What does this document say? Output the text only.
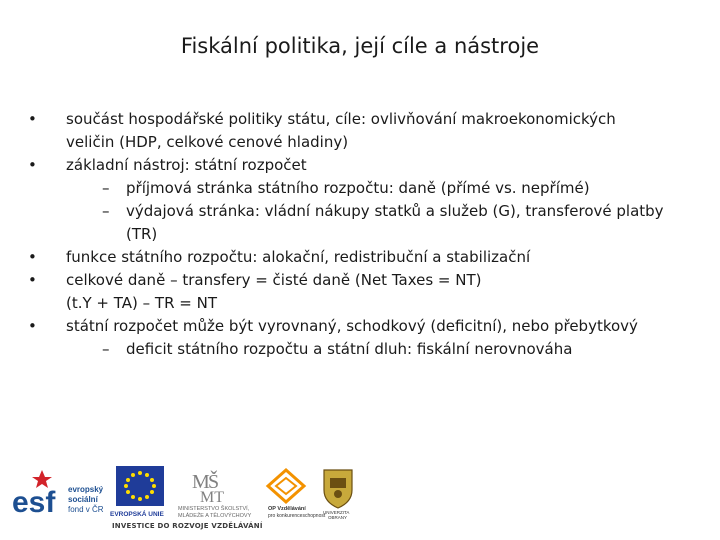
Fiskální politika, její cíle a nástroje
• součást hospodářské politiky státu, cíle: ovlivňování makroekonomických
veličin (HDP, celkové cenové hladiny)
• základní nástroj: státní rozpočet
– příjmová stránka státního rozpočtu: daně (přímé vs. nepřímé)
– výdajová stránka: vládní nákupy statků a služeb (G), transferové platby
(TR)
• funkce státního rozpočtu: alokační, redistribuční a stabilizační
• celkové daně – transfery = čisté daně (Net Taxes = NT)
(t.Y + TA) – TR = NT
• státní rozpočet může být vyrovnaný, schodkový (deficitní), nebo přebytkový
– deficit státního rozpočtu a státní dluh: fiskální nerovnováha
esf evropský
sociální
fond v ČR
EVROPSKÁ UNIE
M
Š
MT
MINISTERSTVO ŠKOLSTVÍ,
MLÁDEŽE A TĚLOVÝCHOVY
OP Vzdělávání
pro konkurenceschopnost
UNIVERZITA
OBRANY
INVESTICE DO ROZVOJE VZDĚLÁVÁNÍ
